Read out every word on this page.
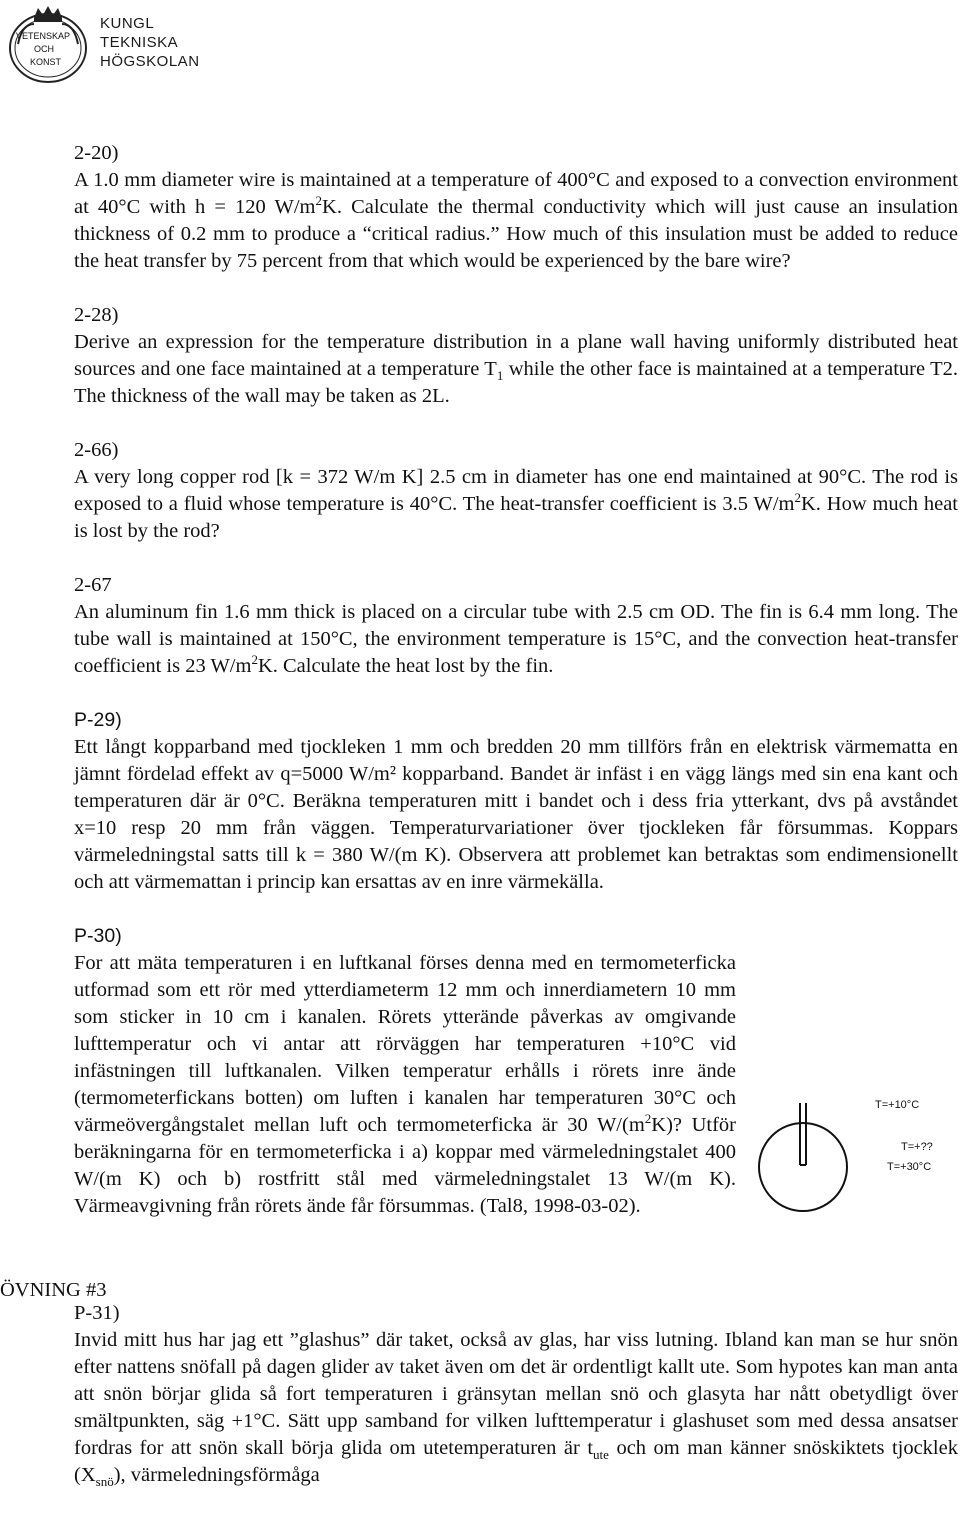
VETENSKAP
OCH
KONST
KUNGL
TEKNISKA
HÖGSKOLAN
2-20)
A 1.0 mm diameter wire is maintained at a temperature of 400°C and exposed to a convection environment at 40°C with h = 120 $W/m^2K$. Calculate the thermal conductivity which will just cause an insulation thickness of 0.2 mm to produce a “critical radius.” How much of this insulation must be added to reduce the heat transfer by 75 percent from that which would be experienced by the bare wire?
2-28)
Derive an expression for the temperature distribution in a plane wall having uniformly distributed heat sources and one face maintained at a temperature $T_1$ while the other face is maintained at a temperature T2. The thickness of the wall may be taken as 2L.
2-66)
A very long copper rod [k = 372 W/m K] 2.5 cm in diameter has one end maintained at 90°C. The rod is exposed to a fluid whose temperature is 40°C. The heat-transfer coefficient is 3.5 $W/m^2K$. How much heat is lost by the rod?
2-67
An aluminum fin 1.6 mm thick is placed on a circular tube with 2.5 cm OD. The fin is 6.4 mm long. The tube wall is maintained at 150°C, the environment temperature is 15°C, and the convection heat-transfer coefficient is 23 $W/m^2K$. Calculate the heat lost by the fin.
P-29)
Ett långt kopparband med tjockleken 1 mm och bredden 20 mm tillförs från en elektrisk värmematta en jämnt fördelad effekt av q=5000 W/m² kopparband. Bandet är infäst i en vägg längs med sin ena kant och temperaturen där är 0°C. Beräkna temperaturen mitt i bandet och i dess fria ytterkant, dvs på avståndet x=10 resp 20 mm från väggen. Temperaturvariationer över tjockleken får försummas. Koppars värmeledningstal satts till k = 380 W/(m K). Observera att problemet kan betraktas som endimensionellt och att värmemattan i princip kan ersattas av en inre värmekälla.
P-30)
For att mäta temperaturen i en luftkanal förses denna med en termometerficka utformad som ett rör med ytterdiameterm 12 mm och innerdiametern 10 mm som sticker in 10 cm i kanalen. Rörets ytterände påverkas av omgivande lufttemperatur och vi antar att rörväggen har temperaturen +10°C vid infästningen till luftkanalen. Vilken temperatur erhålls i rörets inre ände (termometerfickans botten) om luften i kanalen har temperaturen 30°C och värmeövergångstalet mellan luft och termometerficka är 30 $W/(m^2K)$? Utför beräkningarna för en termometerficka i a) koppar med värmeledningstalet 400 W/(m K) och b) rostfritt stål med värmeledningstalet 13 W/(m K). Värmeavgivning från rörets ände får försummas. (Tal8, 1998-03-02).
P-31)
Invid mitt hus har jag ett ”glashus” där taket, också av glas, har viss lutning. Ibland kan man se hur snön efter nattens snöfall på dagen glider av taket även om det är ordentligt kallt ute. Som hypotes kan man anta att snön börjar glida så fort temperaturen i gränsytan mellan snö och glasyta har nått obetydligt över smältpunkten, säg +1°C. Sätt upp samband for vilken lufttemperatur i glashuset som med dessa ansatser fordras for att snön skall börja glida om utetemperaturen är $t_{ute}$ och om man känner snöskiktets tjocklek $(X_{snö})$, värmeledningsförmåga
T=+10°C
T=+??
T=+30°C
ÖVNING #3
